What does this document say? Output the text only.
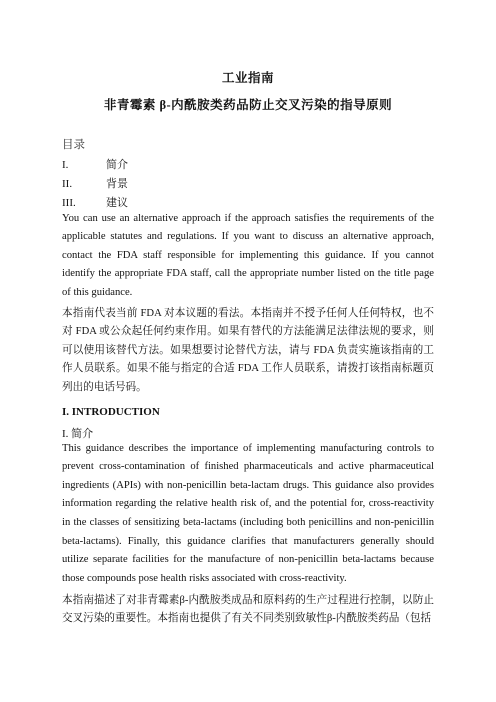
工业指南
非青霉素 β-内酰胺类药品防止交叉污染的指导原则
目录
I.	简介
II.	背景
III.	建议

You can use an alternative approach if the approach satisfies the requirements of the applicable statutes and regulations. If you want to discuss an alternative approach, contact the FDA staff responsible for implementing this guidance. If you cannot identify the appropriate FDA staff, call the appropriate number listed on the title page of this guidance.

本指南代表当前 FDA 对本议题的看法。本指南并不授予任何人任何特权，也不对 FDA 或公众起任何约束作用。如果有替代的方法能满足法律法规的要求，则可以使用该替代方法。如果想要讨论替代方法，请与 FDA 负责实施该指南的工作人员联系。如果不能与指定的合适 FDA 工作人员联系，请拨打该指南标题页列出的电话号码。

I. INTRODUCTION
I. 简介

This guidance describes the importance of implementing manufacturing controls to prevent cross-contamination of finished pharmaceuticals and active pharmaceutical ingredients (APIs) with non-penicillin beta-lactam drugs. This guidance also provides information regarding the relative health risk of, and the potential for, cross-reactivity in the classes of sensitizing beta-lactams (including both penicillins and non-penicillin beta-lactams). Finally, this guidance clarifies that manufacturers generally should utilize separate facilities for the manufacture of non-penicillin beta-lactams because those compounds pose health risks associated with cross-reactivity.

本指南描述了对非青霉素β-内酰胺类成品和原料药的生产过程进行控制，以防止交叉污染的重要性。本指南也提供了有关不同类别致敏性β-内酰胺类药品（包括
